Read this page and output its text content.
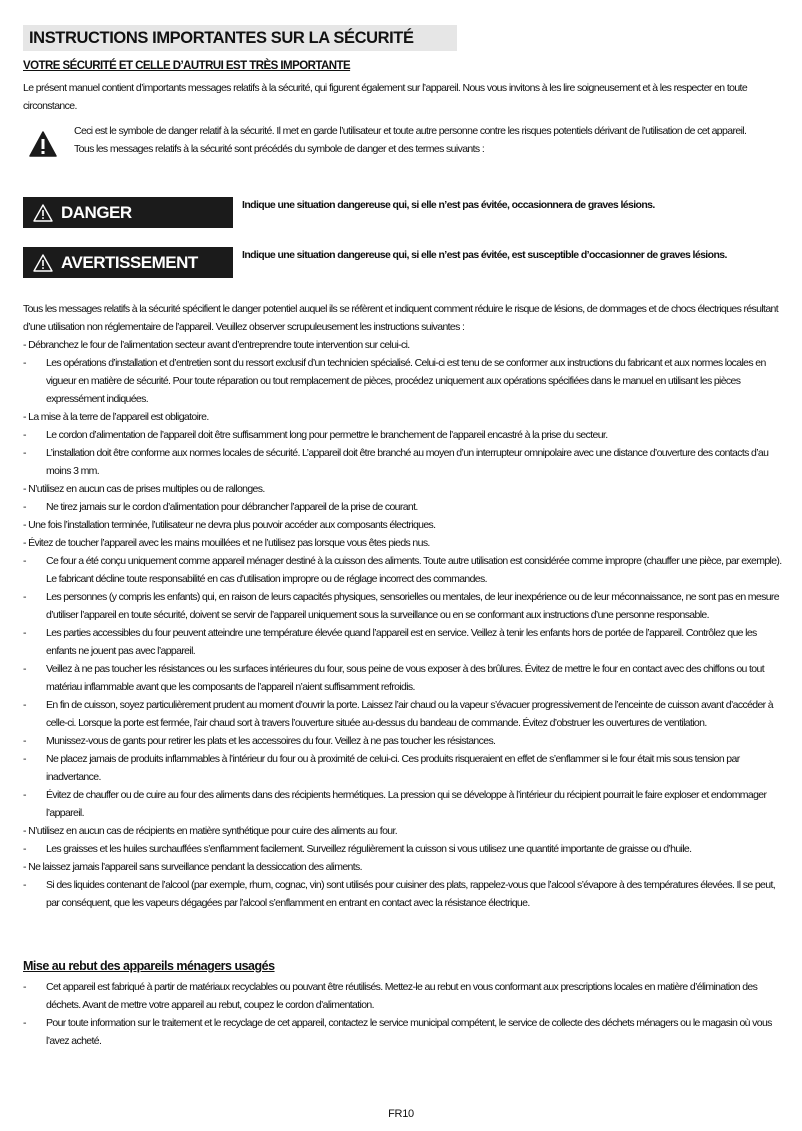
INSTRUCTIONS IMPORTANTES SUR LA SÉCURITÉ
VOTRE SÉCURITÉ ET CELLE D’AUTRUI EST TRÈS IMPORTANTE
Le présent manuel contient d’importants messages relatifs à la sécurité, qui figurent également sur l’appareil. Nous vous invitons à les lire soigneusement et à les respecter en toute circonstance.
Ceci est le symbole de danger relatif à la sécurité. Il met en garde l’utilisateur et toute autre personne contre les risques potentiels dérivant de l’utilisation de cet appareil.
Tous les messages relatifs à la sécurité sont précédés du symbole de danger et des termes suivants :
DANGER	Indique une situation dangereuse qui, si elle n’est pas évitée, occasionnera de graves lésions.
AVERTISSEMENT	Indique une situation dangereuse qui, si elle n’est pas évitée, est susceptible d’occasionner de graves lésions.

Tous les messages relatifs à la sécurité spécifient le danger potentiel auquel ils se réfèrent et indiquent comment réduire le risque de lésions, de dommages et de chocs électriques résultant d’une utilisation non réglementaire de l’appareil. Veuillez observer scrupuleusement les instructions suivantes :

- Débranchez le four de l’alimentation secteur avant d’entreprendre toute intervention sur celui-ci.

-	Les opérations d’installation et d’entretien sont du ressort exclusif d’un technicien spécialisé. Celui-ci est tenu de se conformer aux instructions du fabricant et aux normes locales en vigueur en matière de sécurité. Pour toute réparation ou tout remplacement de pièces, procédez uniquement aux opérations spécifiées dans le manuel en utilisant les pièces expressément indiquées.

- La mise à la terre de l’appareil est obligatoire.

-	Le cordon d’alimentation de l’appareil doit être suffisamment long pour permettre le branchement de l’appareil encastré à la prise du secteur.
-	L’installation doit être conforme aux normes locales de sécurité. L’appareil doit être branché au moyen d’un interrupteur omnipolaire avec une distance d’ouverture des contacts d’au moins 3 mm.

- N’utilisez en aucun cas de prises multiples ou de rallonges.

-	Ne tirez jamais sur le cordon d’alimentation pour débrancher l’appareil de la prise de courant.

- Une fois l’installation terminée, l’utilisateur ne devra plus pouvoir accéder aux composants électriques.

- Évitez de toucher l’appareil avec les mains mouillées et ne l’utilisez pas lorsque vous êtes pieds nus.

-	Ce four a été conçu uniquement comme appareil ménager destiné à la cuisson des aliments. Toute autre utilisation est considérée comme impropre (chauffer une pièce, par exemple). Le fabricant décline toute responsabilité en cas d’utilisation impropre ou de réglage incorrect des commandes.
-	Les personnes (y compris les enfants) qui, en raison de leurs capacités physiques, sensorielles ou mentales, de leur inexpérience ou de leur méconnaissance, ne sont pas en mesure d’utiliser l’appareil en toute sécurité, doivent se servir de l’appareil uniquement sous la surveillance ou en se conformant aux instructions d’une personne responsable.
-	Les parties accessibles du four peuvent atteindre une température élevée quand l’appareil est en service. Veillez à tenir les enfants hors de portée de l’appareil. Contrôlez que les enfants ne jouent pas avec l’appareil.
-	Veillez à ne pas toucher les résistances ou les surfaces intérieures du four, sous peine de vous exposer à des brûlures. Évitez de mettre le four en contact avec des chiffons ou tout matériau inflammable avant que les composants de l’appareil n’aient suffisamment refroidis.
-	En fin de cuisson, soyez particulièrement prudent au moment d’ouvrir la porte. Laissez l’air chaud ou la vapeur s’évacuer progressivement de l’enceinte de cuisson avant d’accéder à celle-ci. Lorsque la porte est fermée, l’air chaud sort à travers l’ouverture située au-dessus du bandeau de commande. Évitez d’obstruer les ouvertures de ventilation.
-	Munissez-vous de gants pour retirer les plats et les accessoires du four. Veillez à ne pas toucher les résistances.
-	Ne placez jamais de produits inflammables à l’intérieur du four ou à proximité de celui-ci. Ces produits risqueraient en effet de s’enflammer si le four était mis sous tension par inadvertance.
-	Évitez de chauffer ou de cuire au four des aliments dans des récipients hermétiques. La pression qui se développe à l’intérieur du récipient pourrait le faire exploser et endommager l’appareil.

- N’utilisez en aucun cas de récipients en matière synthétique pour cuire des aliments au four.

-	Les graisses et les huiles surchauffées s’enflamment facilement. Surveillez régulièrement la cuisson si vous utilisez une quantité importante de graisse ou d’huile.

- Ne laissez jamais l’appareil sans surveillance pendant la dessiccation des aliments.

-	Si des liquides contenant de l’alcool (par exemple, rhum, cognac, vin) sont utilisés pour cuisiner des plats, rappelez-vous que l’alcool s’évapore à des températures élevées. Il se peut, par conséquent, que les vapeurs dégagées par l’alcool s’enflamment en entrant en contact avec la résistance électrique.
Mise au rebut des appareils ménagers usagés
-	Cet appareil est fabriqué à partir de matériaux recyclables ou pouvant être réutilisés. Mettez-le au rebut en vous conformant aux prescriptions locales en matière d’élimination des déchets. Avant de mettre votre appareil au rebut, coupez le cordon d’alimentation.
-	Pour toute information sur le traitement et le recyclage de cet appareil, contactez le service municipal compétent, le service de collecte des déchets ménagers ou le magasin où vous l’avez acheté.
FR10
